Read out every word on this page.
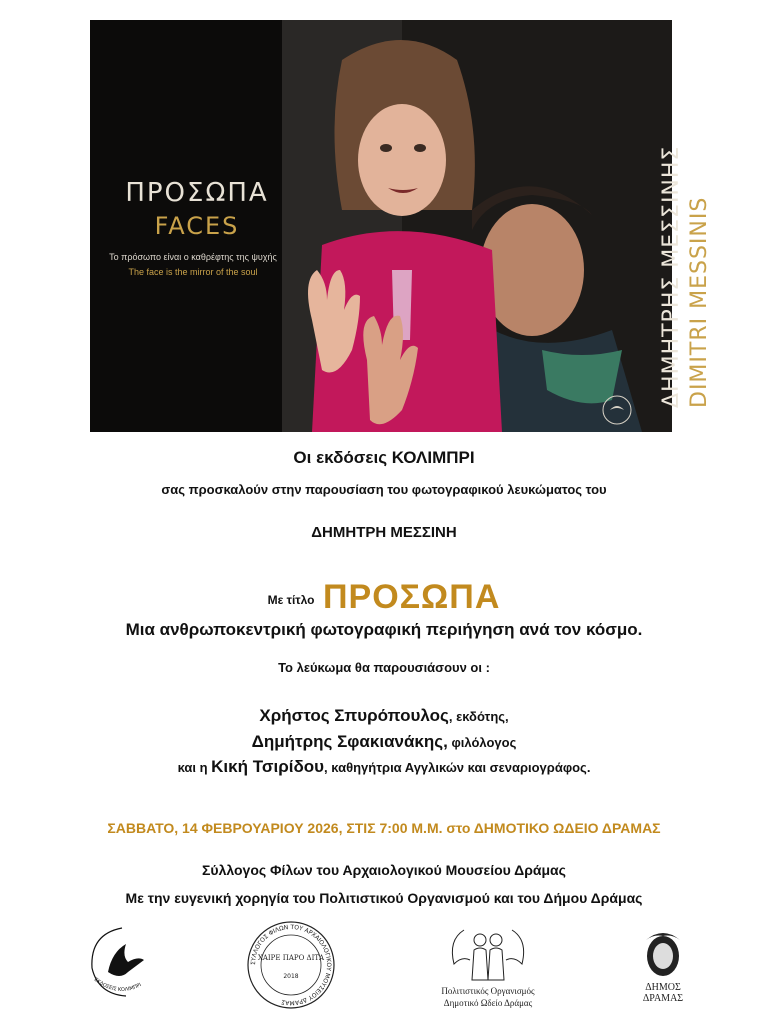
ΠΡΟΣΩΠΑ
FACES
Το πρόσωπο είναι ο καθρέφτης της ψυχής
The face is the mirror of the soul	ΔΗΜΗΤΡΗΣ ΜΕΣΣΙΝΗΣ DIMITRI MESSINIS
Οι εκδόσεις ΚΟΛΙΜΠΡΙ
σας προσκαλούν στην παρουσίαση του φωτογραφικού λευκώματος του
ΔΗΜΗΤΡΗ ΜΕΣΣΙΝΗ
Με τίτλο ΠΡΟΣΩΠΑ
Μια ανθρωποκεντρική φωτογραφική περιήγηση ανά τον κόσμο.
Το λεύκωμα θα παρουσιάσουν οι :
Χρήστος Σπυρόπουλος, εκδότης,
Δημήτρης Σφακιανάκης, φιλόλογος
και η Κική Τσιρίδου, καθηγήτρια Αγγλικών και σεναριογράφος.
ΣΑΒΒΑΤΟ, 14 ΦΕΒΡΟΥΑΡΙΟΥ 2026, ΣΤΙΣ 7:00 Μ.Μ. στο ΔΗΜΟΤΙΚΟ ΩΔΕΙΟ ΔΡΑΜΑΣ
Σύλλογος Φίλων του Αρχαιολογικού Μουσείου Δράμας
Με την ευγενική χορηγία του Πολιτιστικού Οργανισμού και του Δήμου Δράμας
ΕΚΔΟΣΕΙΣ ΚΟΛΙΜΠΡΙ
ΣΥΛΛΟΓΟΣ ΦΙΛΩΝ ΤΟΥ ΑΡΧΑΙΟΛΟΓΙΚΟΥ ΜΟΥΣΕΙΟΥ ΔΡΑΜΑΣ
ΧΑΙΡΕ ΠΑΡΟ ΔΙΤΑ
2018
Πολιτιστικός Οργανισμός
Δημοτικό Ωδείο Δράμας
ΔΗΜΟΣ
ΔΡΑΜΑΣ
